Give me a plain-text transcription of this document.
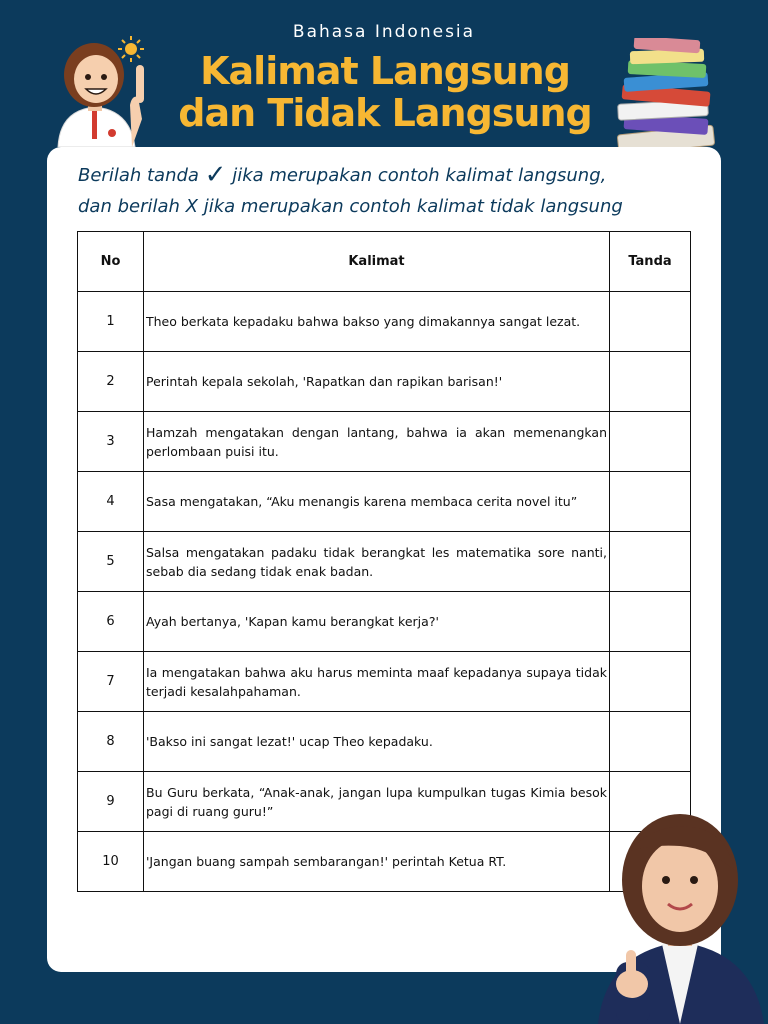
Bahasa Indonesia
Kalimat Langsung
dan Tidak Langsung
Berilah tanda ✓ jika merupakan contoh kalimat langsung,
dan berilah X jika merupakan contoh kalimat tidak langsung
No	Kalimat	Tanda
1	Theo berkata kepadaku bahwa bakso yang dimakannya sangat lezat.	
2	Perintah kepala sekolah, 'Rapatkan dan rapikan barisan!'	
3	Hamzah mengatakan dengan lantang, bahwa ia akan memenangkan perlombaan puisi itu.	
4	Sasa mengatakan, “Aku menangis karena membaca cerita novel itu”	
5	Salsa mengatakan padaku tidak berangkat les matematika sore nanti, sebab dia sedang tidak enak badan.	
6	Ayah bertanya, 'Kapan kamu berangkat kerja?'	
7	Ia mengatakan bahwa aku harus meminta maaf kepadanya supaya tidak terjadi kesalahpahaman.	
8	'Bakso ini sangat lezat!' ucap Theo kepadaku.	
9	Bu Guru berkata, “Anak-anak, jangan lupa kumpulkan tugas Kimia besok pagi di ruang guru!”	
10	'Jangan buang sampah sembarangan!' perintah Ketua RT.	
